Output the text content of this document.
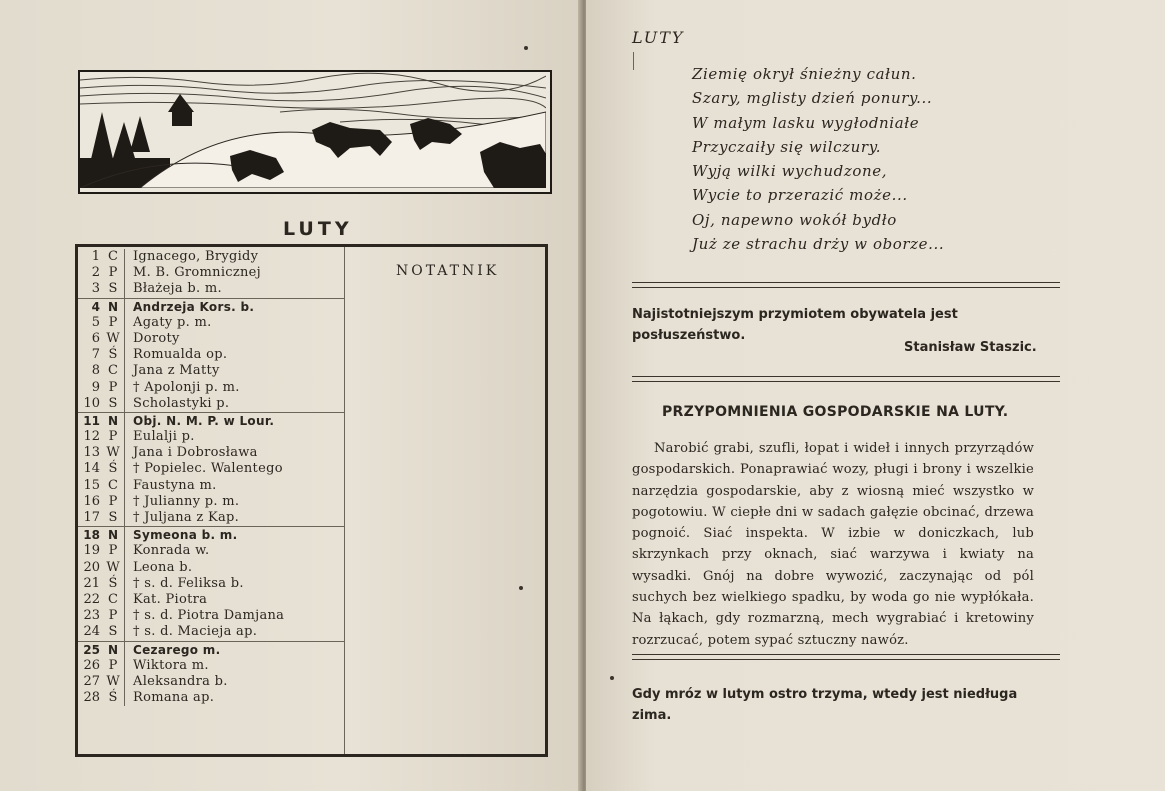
LUTY
1 C	Ignacego, Brygidy
2 P	M. B. Gromnicznej
3 S	Błażeja b. m.
4 N	Andrzeja Kors. b.
5 P	Agaty p. m.
6 W	Doroty
7 Ś	Romualda op.
8 C	Jana z Matty
9 P	† Apolonji p. m.
10 S	Scholastyki p.
11 N	Obj. N. M. P. w Lour.
12 P	Eulalji p.
13 W	Jana i Dobrosława
14 Ś	† Popielec. Walentego
15 C	Faustyna m.
16 P	† Julianny p. m.
17 S	† Juljana z Kap.
18 N	Symeona b. m.
19 P	Konrada w.
20 W	Leona b.
21 Ś	† s. d. Feliksa b.
22 C	Kat. Piotra
23 P	† s. d. Piotra Damjana
24 S	† s. d. Macieja ap.
25 N	Cezarego m.
26 P	Wiktora m.
27 W	Aleksandra b.
28 Ś	Romana ap.
NOTATNIK
LUTY
Ziemię okrył śnieżny całun.
Szary, mglisty dzień ponury...
W małym lasku wygłodniałe
Przyczaiły się wilczury.
Wyją wilki wychudzone,
Wycie to przerazić może...
Oj, napewno wokół bydło
Już ze strachu drży w oborze...
Najistotniejszym przymiotem obywatela jest posłuszeństwo.
Stanisław Staszic.
PRZYPOMNIENIA GOSPODARSKIE NA LUTY.

Narobić grabi, szufli, łopat i wideł i innych przyrządów gospodarskich. Ponaprawiać wozy, pługi i brony i wszelkie narzędzia gospodarskie, aby z wiosną mieć wszystko w pogotowiu. W ciepłe dni w sadach gałęzie obcinać, drzewa pognoić. Siać inspekta. W izbie w doniczkach, lub skrzynkach przy oknach, siać warzywa i kwiaty na wysadki. Gnój na dobre wywozić, zaczynając od pól suchych bez wielkiego spadku, by woda go nie wypłókała. Na łąkach, gdy rozmarzną, mech wygrabiać i kretowiny rozrzucać, potem sypać sztuczny nawóz.

Gdy mróz w lutym ostro trzyma, wtedy jest niedługa zima.
